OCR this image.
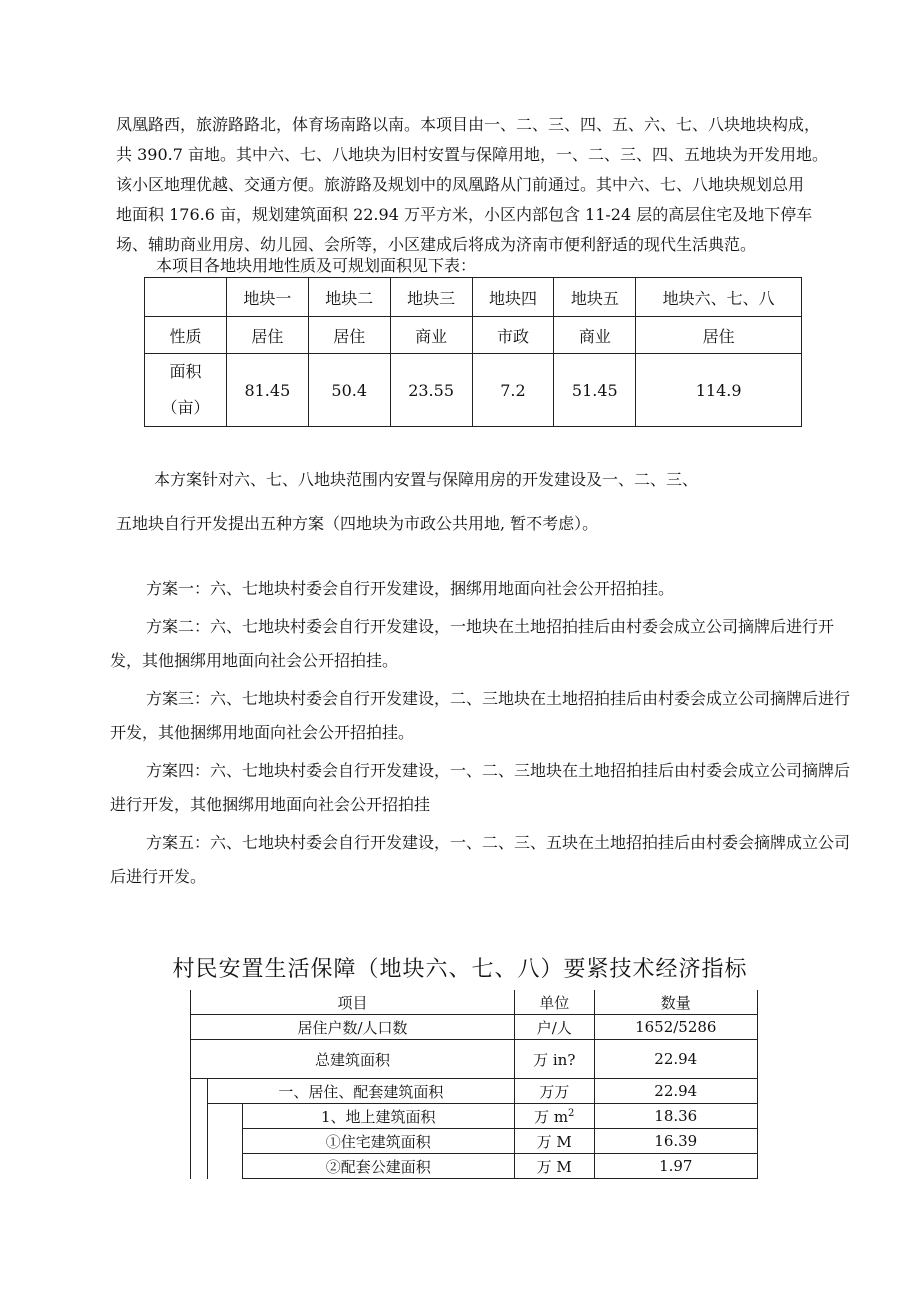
凤凰路西，旅游路路北，体育场南路以南。本项目由一、二、三、四、五、六、七、八块地块构成，
共 390.7 亩地。其中六、七、八地块为旧村安置与保障用地，一、二、三、四、五地块为开发用地。
该小区地理优越、交通方便。旅游路及规划中的凤凰路从门前通过。其中六、七、八地块规划总用
地面积 176.6 亩，规划建筑面积 22.94 万平方米，小区内部包含 11-24 层的高层住宅及地下停车
场、辅助商业用房、幼儿园、会所等，小区建成后将成为济南市便利舒适的现代生活典范。

本项目各地块用地性质及可规划面积见下表：

	地块一	地块二	地块三	地块四	地块五	地块六、七、八
性质	居住	居住	商业	市政	商业	居住

面积
（亩）	81.45	50.4	23.55	7.2	51.45	114.9
本方案针对六、七、八地块范围内安置与保障用房的开发建设及一、二、三、
五地块自行开发提出五种方案（四地块为市政公共用地, 暂不考虑）。

方案一：六、七地块村委会自行开发建设，捆绑用地面向社会公开招拍挂。

方案二：六、七地块村委会自行开发建设，一地块在土地招拍挂后由村委会成立公司摘牌后进行开发，其他捆绑用地面向社会公开招拍挂。

方案三：六、七地块村委会自行开发建设，二、三地块在土地招拍挂后由村委会成立公司摘牌后进行开发，其他捆绑用地面向社会公开招拍挂。

方案四：六、七地块村委会自行开发建设，一、二、三地块在土地招拍挂后由村委会成立公司摘牌后进行开发，其他捆绑用地面向社会公开招拍挂

方案五：六、七地块村委会自行开发建设，一、二、三、五块在土地招拍挂后由村委会摘牌成立公司后进行开发。

村民安置生活保障（地块六、七、八）要紧技术经济指标
项目			单位	数量
居住户数/人口数			户/人	1652/5286
总建筑面积			万 in?	22.94
	一、居住、配套建筑面积		万万	22.94
		1、地上建筑面积	万 $m^2$	18.36
		①住宅建筑面积	万 M	16.39
		②配套公建面积	万 M	1.97
